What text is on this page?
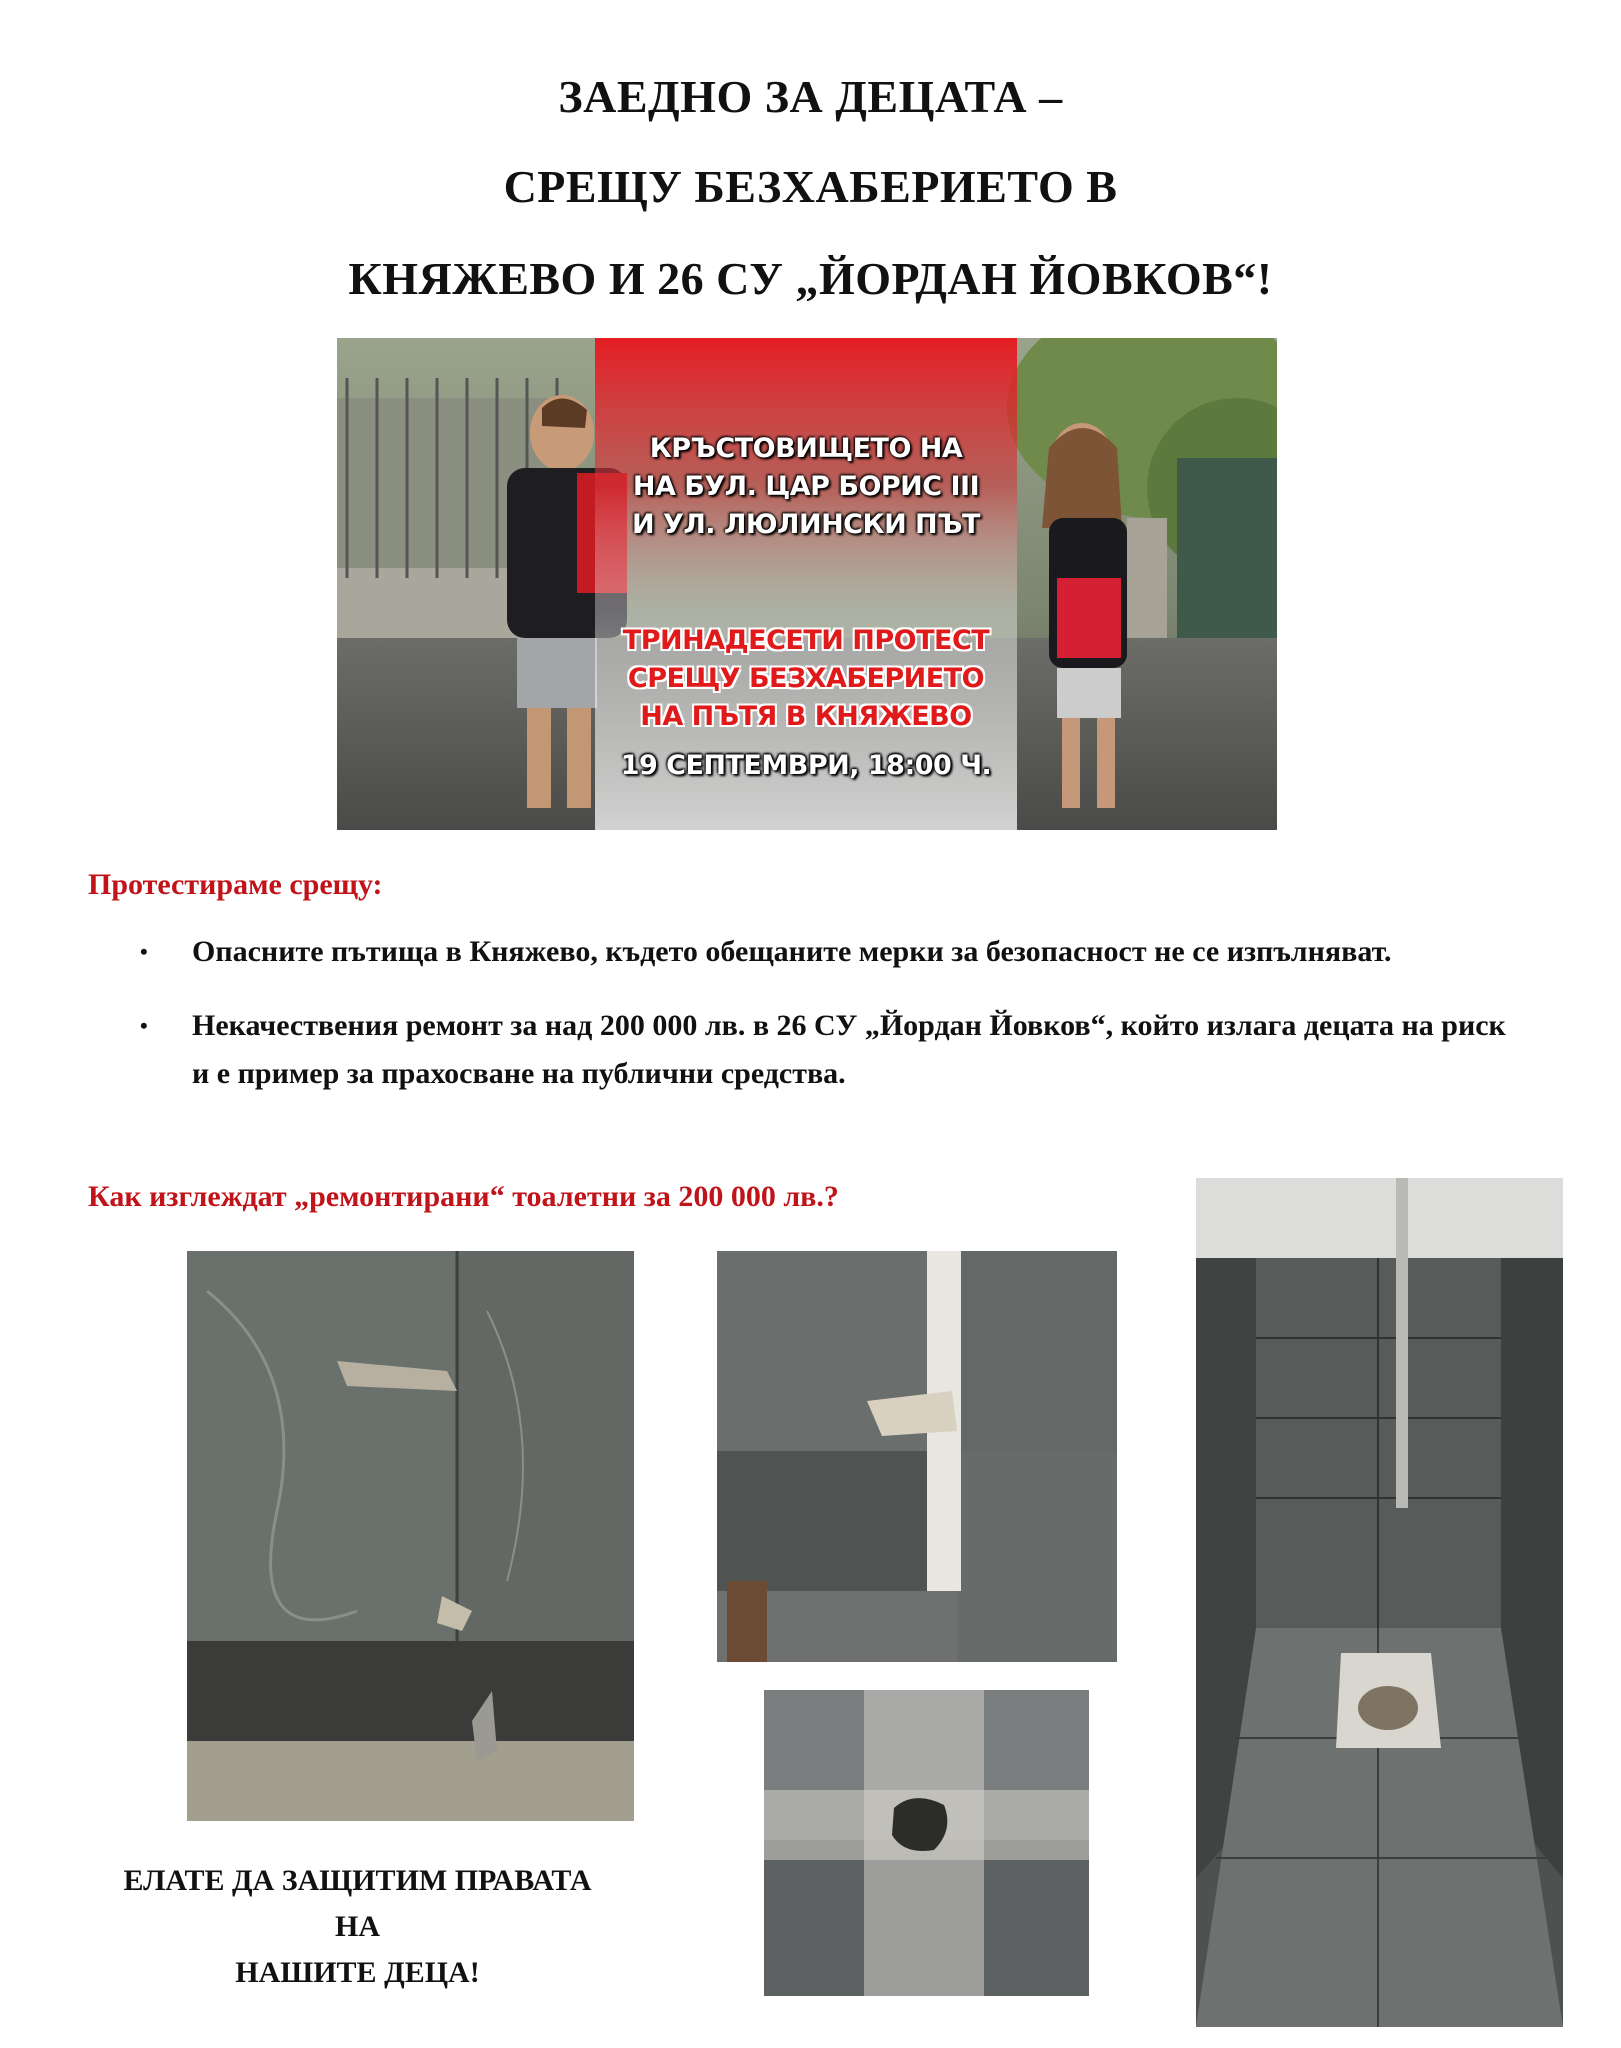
ЗАЕДНО ЗА ДЕЦАТА –
СРЕЩУ БЕЗХАБЕРИЕТО В
КНЯЖЕВО И 26 СУ „ЙОРДАН ЙОВКОВ“!
КРЪСТОВИЩЕТО НА
НА БУЛ. ЦАР БОРИС III
И УЛ. ЛЮЛИНСКИ ПЪТ
ТРИНАДЕСЕТИ ПРОТЕСТ
СРЕЩУ БЕЗХАБЕРИЕТО
НА ПЪТЯ В КНЯЖЕВО
19 СЕПТЕМВРИ, 18:00 Ч.
Протестираме срещу:
• Опасните пътища в Княжево, където обещаните мерки за безопасност не се изпълняват.
• Некачествения ремонт за над 200 000 лв. в 26 СУ „Йордан Йовков“, който излага децата на риск и е пример за прахосване на публични средства.
Как изглеждат „ремонтирани“ тоалетни за 200 000 лв.?
ЕЛАТЕ ДА ЗАЩИТИМ ПРАВАТА НА
НАШИТЕ ДЕЦА!
